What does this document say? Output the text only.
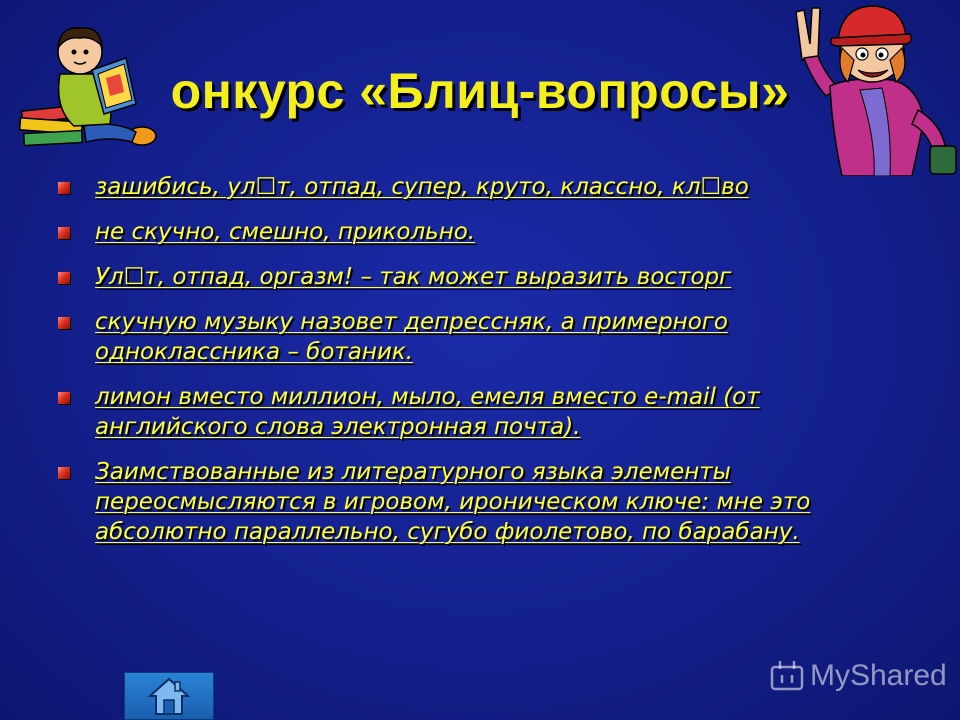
онкурс «Блиц-вопросы»
зашибись, ул☐т, отпад, супер, круто, классно, кл☐во
не скучно, смешно, прикольно.
Ул☐т, отпад, оргазм! – так может выразить восторг
скучную музыку назовет депрессняк, а примерного одноклассника – ботаник.
лимон вместо миллион, мыло, емеля вместо e-mail (от английского слова электронная почта).
Заимствованные из литературного языка элементы переосмысляются в игровом, ироническом ключе: мне это абсолютно параллельно, сугубо фиолетово, по барабану.
MyShared
